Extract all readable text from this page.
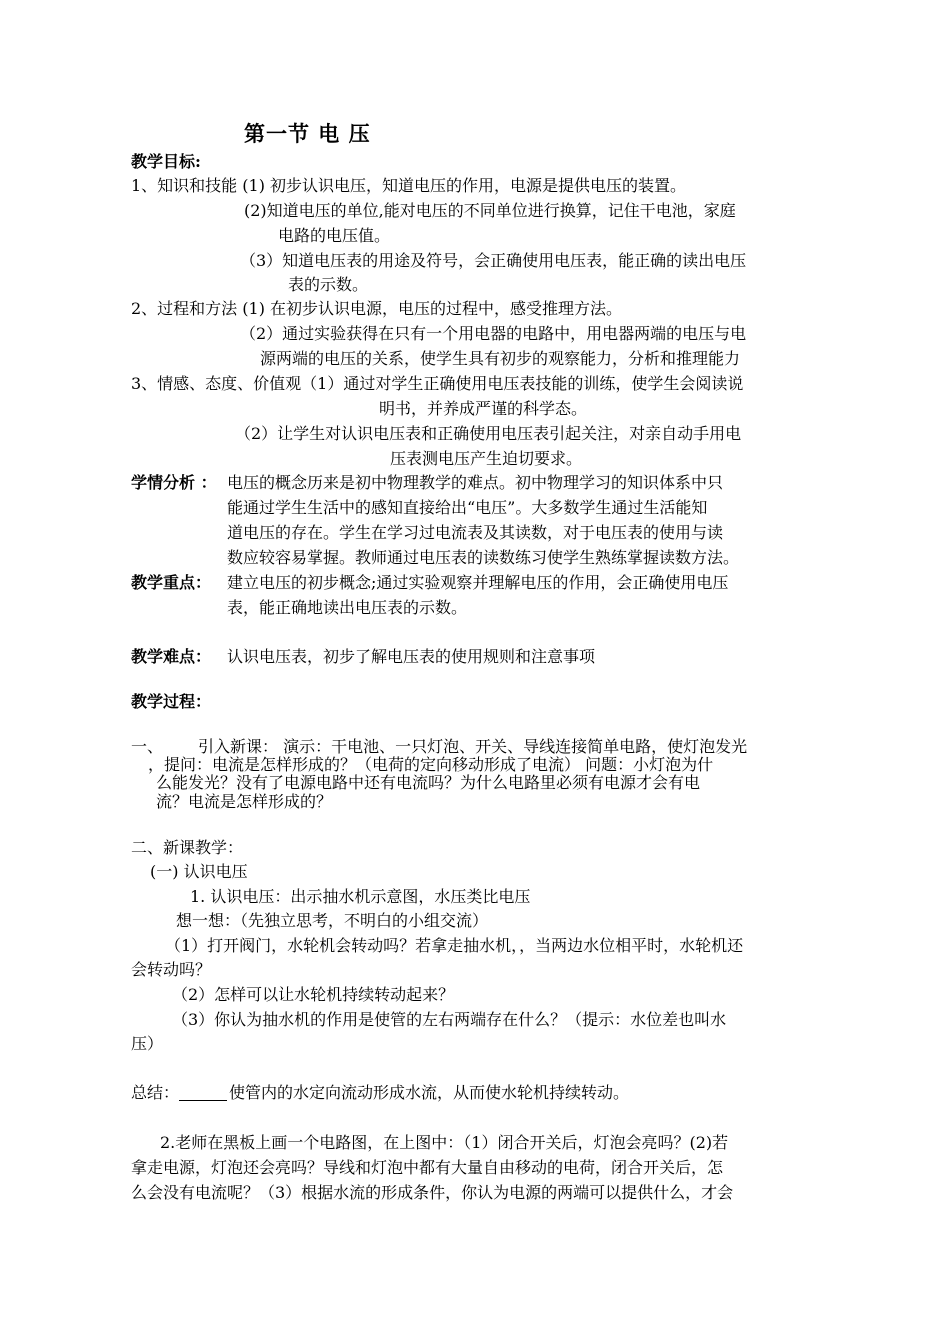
第一节 电 压
教学目标:
1、知识和技能 (1) 初步认识电压，知道电压的作用，电源是提供电压的装置。
(2)知道电压的单位,能对电压的不同单位进行换算，记住干电池，家庭
电路的电压值。
（3）知道电压表的用途及符号，会正确使用电压表，能正确的读出电压
表的示数。
2、过程和方法 (1) 在初步认识电源，电压的过程中，感受推理方法。
（2）通过实验获得在只有一个用电器的电路中，用电器两端的电压与电
源两端的电压的关系，使学生具有初步的观察能力，分析和推理能力
3、情感、态度、价值观（1）通过对学生正确使用电压表技能的训练，使学生会阅读说
明书，并养成严谨的科学态。
（2）让学生对认识电压表和正确使用电压表引起关注，对亲自动手用电
压表测电压产生迫切要求。
学情分析 ： 电压的概念历来是初中物理教学的难点。初中物理学习的知识体系中只
能通过学生生活中的感知直接给出“电压”。大多数学生通过生活能知
道电压的存在。学生在学习过电流表及其读数，对于电压表的使用与读
数应较容易掌握。教师通过电压表的读数练习使学生熟练掌握读数方法。
教学重点： 建立电压的初步概念;通过实验观察并理解电压的作用，会正确使用电压
表，能正确地读出电压表的示数。
教学难点： 认识电压表，初步了解电压表的使用规则和注意事项
教学过程：
一、 引入新课： 演示：干电池、一只灯泡、开关、导线连接简单电路，使灯泡发光
，提问：电流是怎样形成的？（电荷的定向移动形成了电流） 问题：小灯泡为什
么能发光？没有了电源电路中还有电流吗？为什么电路里必须有电源才会有电
流？电流是怎样形成的？
二、新课教学：
(一) 认识电压
1. 认识电压：出示抽水机示意图，水压类比电压
想一想：（先独立思考，不明白的小组交流）
（1）打开阀门，水轮机会转动吗？若拿走抽水机，，当两边水位相平时，水轮机还
会转动吗？
（2）怎样可以让水轮机持续转动起来？
（3）你认为抽水机的作用是使管的左右两端存在什么？（提示：水位差也叫水
压）
总结：	使管内的水定向流动形成水流，从而使水轮机持续转动。
2.老师在黑板上画一个电路图，在上图中：（1）闭合开关后，灯泡会亮吗？(2)若
拿走电源，灯泡还会亮吗？导线和灯泡中都有大量自由移动的电荷，闭合开关后，怎
么会没有电流呢？（3）根据水流的形成条件，你认为电源的两端可以提供什么，才会
